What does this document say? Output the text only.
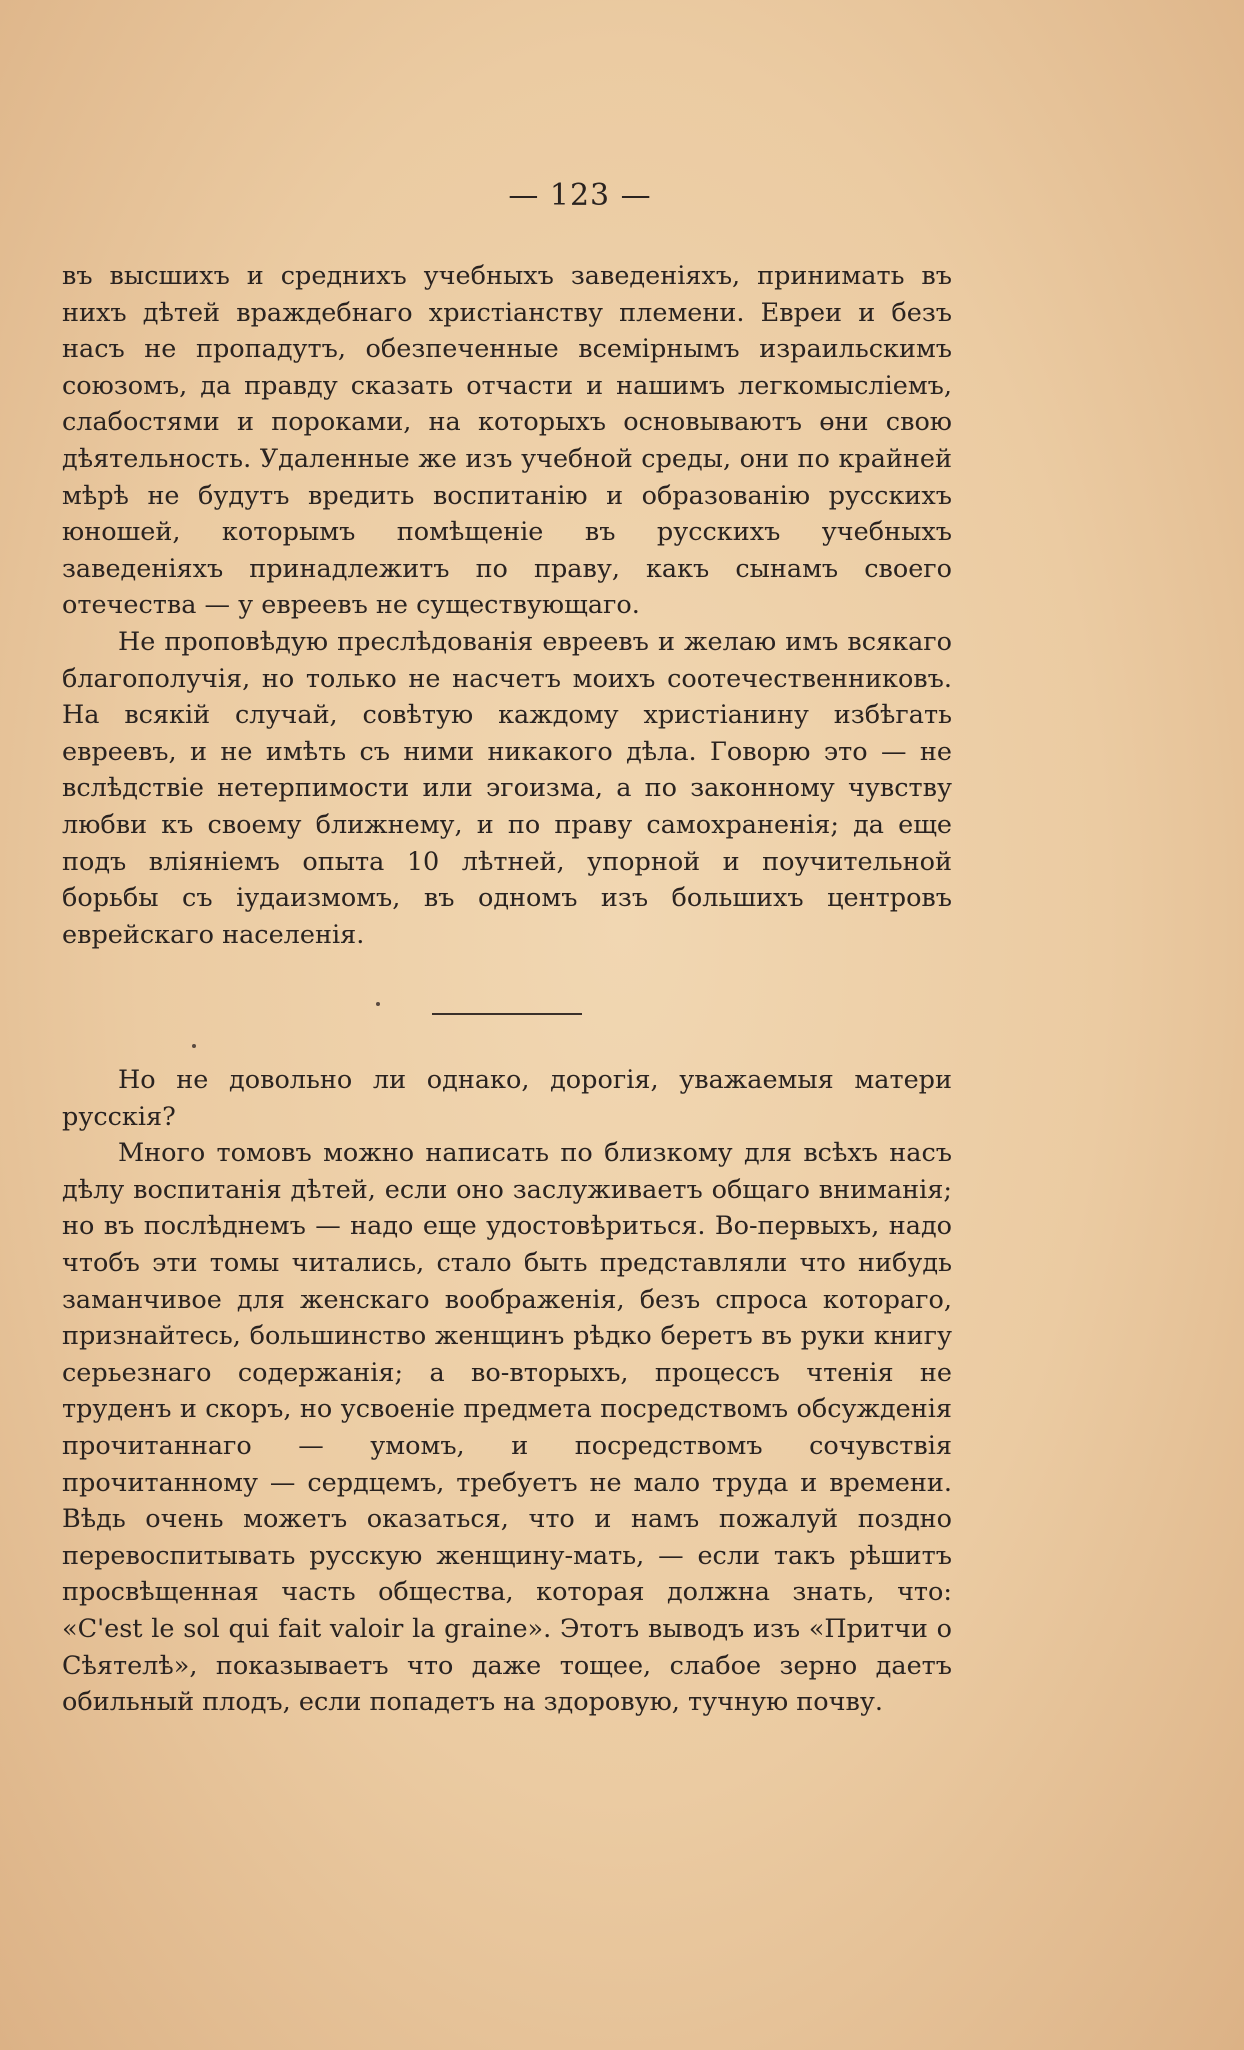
— 123 —

въ высшихъ и среднихъ учебныхъ заведеніяхъ, принимать въ нихъ дѣтей враждебнаго христіанству племени. Евреи и безъ насъ не пропадутъ, обезпеченные всемірнымъ израильскимъ союзомъ, да правду сказать отчасти и нашимъ легкомысліемъ, слабостями и пороками, на которыхъ основываютъ өни свою дѣятельность. Удаленные же изъ учебной среды, они по крайней мѣрѣ не будутъ вредить воспитанію и образованію русскихъ юношей, которымъ помѣщеніе въ русскихъ учебныхъ заведеніяхъ принадлежитъ по праву, какъ сынамъ своего отечества — у евреевъ не существующаго.

Не проповѣдую преслѣдованія евреевъ и желаю имъ всякаго благополучія, но только не насчетъ моихъ соотечественниковъ. На всякій случай, совѣтую каждому христіанину избѣгать евреевъ, и не имѣть съ ними никакого дѣла. Говорю это — не вслѣдствіе нетерпимости или эгоизма, а по законному чувству любви къ своему ближнему, и по праву самохраненія; да еще подъ вліяніемъ опыта 10 лѣтней, упорной и поучительной борьбы съ іудаизмомъ, въ одномъ изъ большихъ центровъ еврейскаго населенія.

Но не довольно ли однако, дорогія, уважаемыя матери русскія?

Много томовъ можно написать по близкому для всѣхъ насъ дѣлу воспитанія дѣтей, если оно заслуживаетъ общаго вниманія; но въ послѣднемъ — надо еще удостовѣриться. Во-первыхъ, надо чтобъ эти томы читались, стало быть представляли что нибудь заманчивое для женскаго воображенія, безъ спроса котораго, признайтесь, большинство женщинъ рѣдко беретъ въ руки книгу серьезнаго содержанія; а во-вторыхъ, процессъ чтенія не труденъ и скоръ, но усвоеніе предмета посредствомъ обсужденія прочитаннаго — умомъ, и посредствомъ сочувствія прочитанному — сердцемъ, требуетъ не мало труда и времени. Вѣдь очень можетъ оказаться, что и намъ пожалуй поздно перевоспитывать русскую женщину-мать, — если такъ рѣшитъ просвѣщенная часть общества, которая должна знать, что: «C'est le sol qui fait valoir la graine». Этотъ выводъ изъ «Притчи о Сѣятелѣ», показываетъ что даже тощее, слабое зерно даетъ обильный плодъ, если попадетъ на здоровую, тучную почву.
